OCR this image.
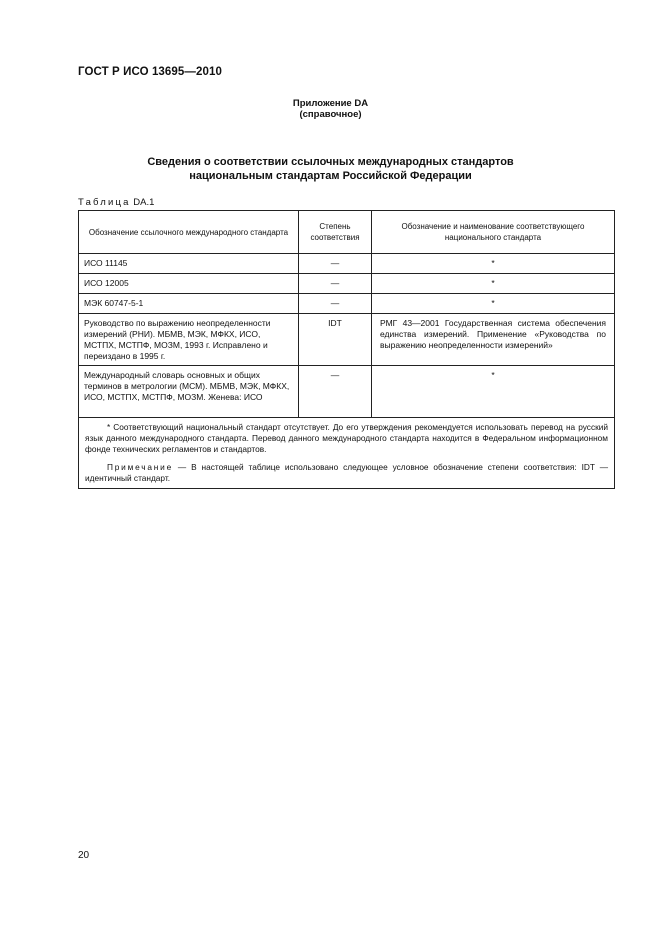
ГОСТ Р ИСО 13695—2010
Приложение DA
(справочное)
Сведения о соответствии ссылочных международных стандартов
национальным стандартам Российской Федерации
Таблица DA.1
Обозначение ссылочного международного стандарта	Степень соответствия	Обозначение и наименование соответствующего национального стандарта
ИСО 11145	—	*
ИСО 12005	—	*
МЭК 60747-5-1	—	*
Руководство по выражению неопределенности измерений (РНИ). МБМВ, МЭК, МФКХ, ИСО, МСТПХ, МСТПФ, МОЗМ, 1993 г. Исправлено и переиздано в 1995 г.	IDT	РМГ 43—2001 Государственная система обеспечения единства измерений. Применение «Руководства по выражению неопределенности измерений»
Международный словарь основных и общих терминов в метрологии (МСМ). МБМВ, МЭК, МФКХ, ИСО, МСТПХ, МСТПФ, МОЗМ. Женева: ИСО	—	*

* Соответствующий национальный стандарт отсутствует. До его утверждения рекомендуется использовать перевод на русский язык данного международного стандарта. Перевод данного международного стандарта находится в Федеральном информационном фонде технических регламентов и стандартов.

Примечание — В настоящей таблице использовано следующее условное обозначение степени соответствия: IDT — идентичный стандарт.		

20
